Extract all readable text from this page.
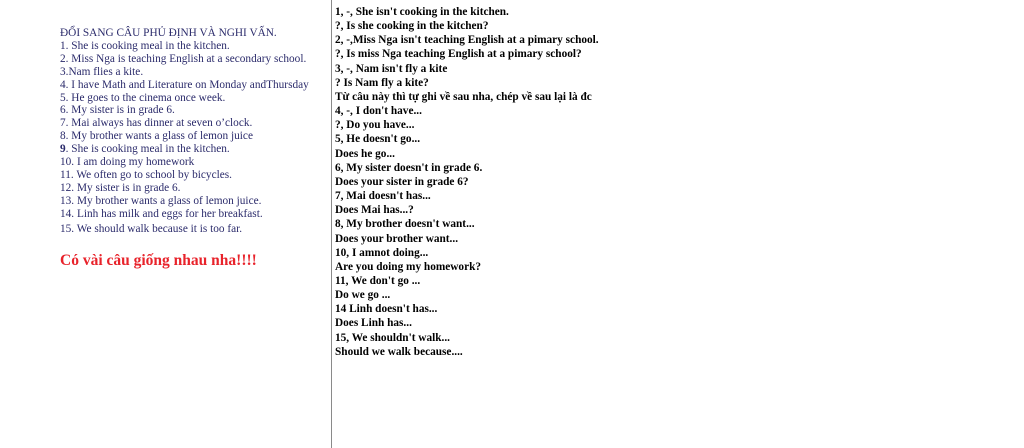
ĐỔI SANG CÂU PHỦ ĐỊNH VÀ NGHI VẤN.
1. She is cooking meal in the kitchen.
2. Miss Nga is teaching English at a secondary school.
3.Nam flies a kite.
4. I have Math and Literature on Monday andThursday
5. He goes to the cinema once week.
6. My sister is in grade 6.
7. Mai always has dinner at seven o’clock.
8. My brother wants a glass of lemon juice
9. She is cooking meal in the kitchen.
10. I am doing my homework
11. We often go to school by bicycles.
12. My sister is in grade 6.
13. My brother wants a glass of lemon juice.
14. Linh has milk and eggs for her breakfast.
15. We should walk because it is too far.
Có vài câu giống nhau nha!!!!
1, -, She isn't cooking in the kitchen.
?, Is she cooking in the kitchen?
2, -,Miss Nga isn't teaching English at a pimary school.
?, Is miss Nga teaching English at a pimary school?
3, -, Nam isn't fly a kite
? Is Nam fly a kite?
Từ câu này thì tự ghi về sau nha, chép về sau lại là đc
4, -, I don't have...
?, Do you have...
5, He doesn't go...
Does he go...
6, My sister doesn't in grade 6.
Does your sister in grade 6?
7, Mai doesn't has...
Does Mai has...?
8, My brother doesn't want...
Does your brother want...
10, I amnot doing...
Are you doing my homework?
11, We don't go ...
Do we go ...
14 Linh doesn't has...
Does Linh has...
15, We shouldn't walk...
Should we walk because....
